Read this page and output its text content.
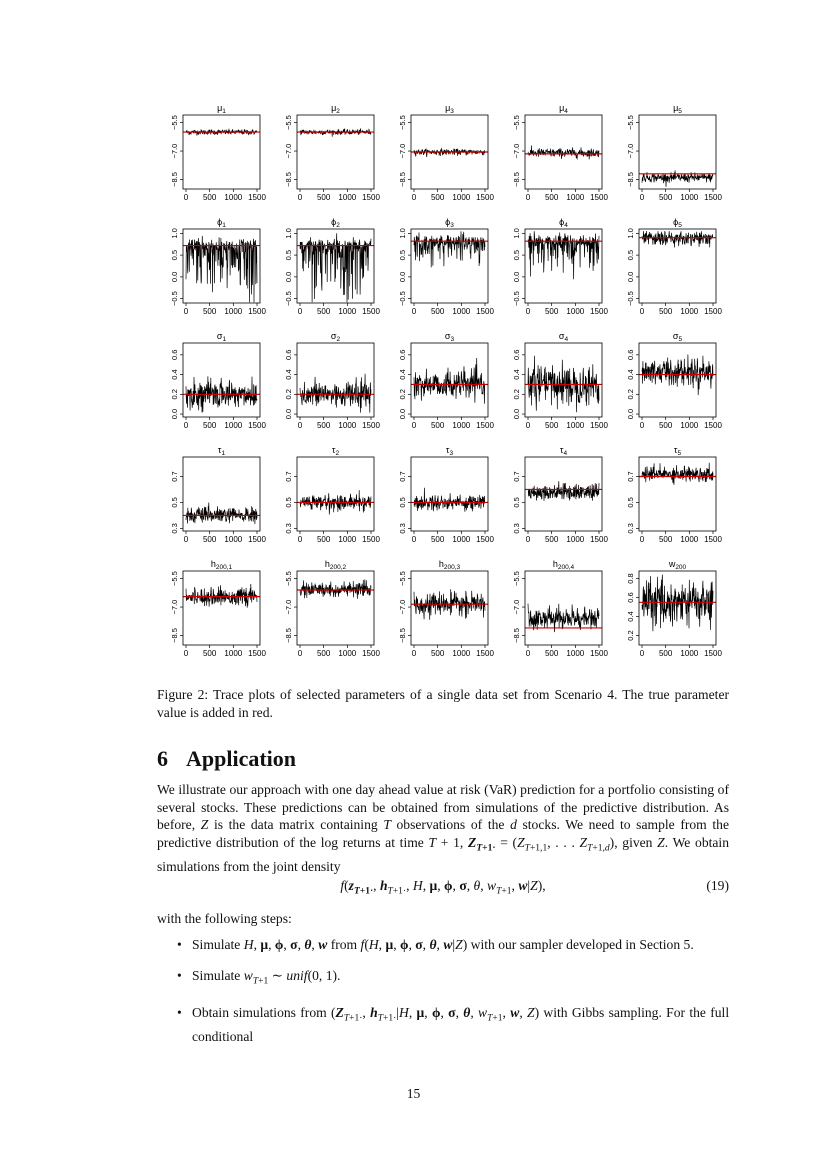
$\mu_1$
0 500 1000 1500
−8.5
−7.0
−5.5
$\mu_2$
0 500 1000 1500
−8.5
−7.0
−5.5
$\mu_3$
0 500 1000 1500
−8.5
−7.0
−5.5
$\mu_4$
0 500 1000 1500
−8.5
−7.0
−5.5
$\mu_5$
0 500 1000 1500
−8.5
−7.0
−5.5
$\phi_1$
0 500 1000 1500
−0.5
0.0
0.5
1.0
$\phi_2$
0 500 1000 1500
−0.5
0.0
0.5
1.0
$\phi_3$
0 500 1000 1500
−0.5
0.0
0.5
1.0
$\phi_4$
0 500 1000 1500
−0.5
0.0
0.5
1.0
$\phi_5$
0 500 1000 1500
−0.5
0.0
0.5
1.0
$\sigma_1$
0 500 1000 1500
0.0
0.2
0.4
0.6
$\sigma_2$
0 500 1000 1500
0.0
0.2
0.4
0.6
$\sigma_3$
0 500 1000 1500
0.0
0.2
0.4
0.6
$\sigma_4$
0 500 1000 1500
0.0
0.2
0.4
0.6
$\sigma_5$
0 500 1000 1500
0.0
0.2
0.4
0.6
$\tau_1$
0 500 1000 1500
0.3
0.5
0.7
$\tau_2$
0 500 1000 1500
0.3
0.5
0.7
$\tau_3$
0 500 1000 1500
0.3
0.5
0.7
$\tau_4$
0 500 1000 1500
0.3
0.5
0.7
$\tau_5$
0 500 1000 1500
0.3
0.5
0.7
$h_{200,1}$
0 500 1000 1500
−8.5
−7.0
−5.5
$h_{200,2}$
0 500 1000 1500
−8.5
−7.0
−5.5
$h_{200,3}$
0 500 1000 1500
−8.5
−7.0
−5.5
$h_{200,4}$
0 500 1000 1500
−8.5
−7.0
−5.5
$w_{200}$
0 500 1000 1500
0.2
0.4
0.6
0.8
Figure 2: Trace plots of selected parameters of a single data set from Scenario 4. The true parameter value is added in red.
6 Application
We illustrate our approach with one day ahead value at risk (VaR) prediction for a portfolio consisting of several stocks. These predictions can be obtained from simulations of the predictive distribution. As before, Z is the data matrix containing T observations of the d stocks. We need to sample from the predictive distribution of the log returns at time T + 1, $Z_{T+1\cdot} = (Z_{T+1,1}$, . . . $Z_{T+1,d}$), given Z. We obtain simulations from the joint density
$f(z_{T+1\cdot}$, $h_{T+1\cdot}$, H, μ, ϕ, σ, θ, $w_{T+1}$, w|Z),	(19)
with the following steps:
• Simulate H, μ, ϕ, σ, θ, w from f(H, μ, ϕ, σ, θ, w|Z) with our sampler developed in Section 5.
• Simulate $w_{T+1}$ ∼ unif(0, 1).
• Obtain simulations from ($Z_{T+1\cdot}$, $h_{T+1\cdot}|H$, μ, ϕ, σ, θ, $w_{T+1}$, w, Z) with Gibbs sampling. For the full conditional
15
